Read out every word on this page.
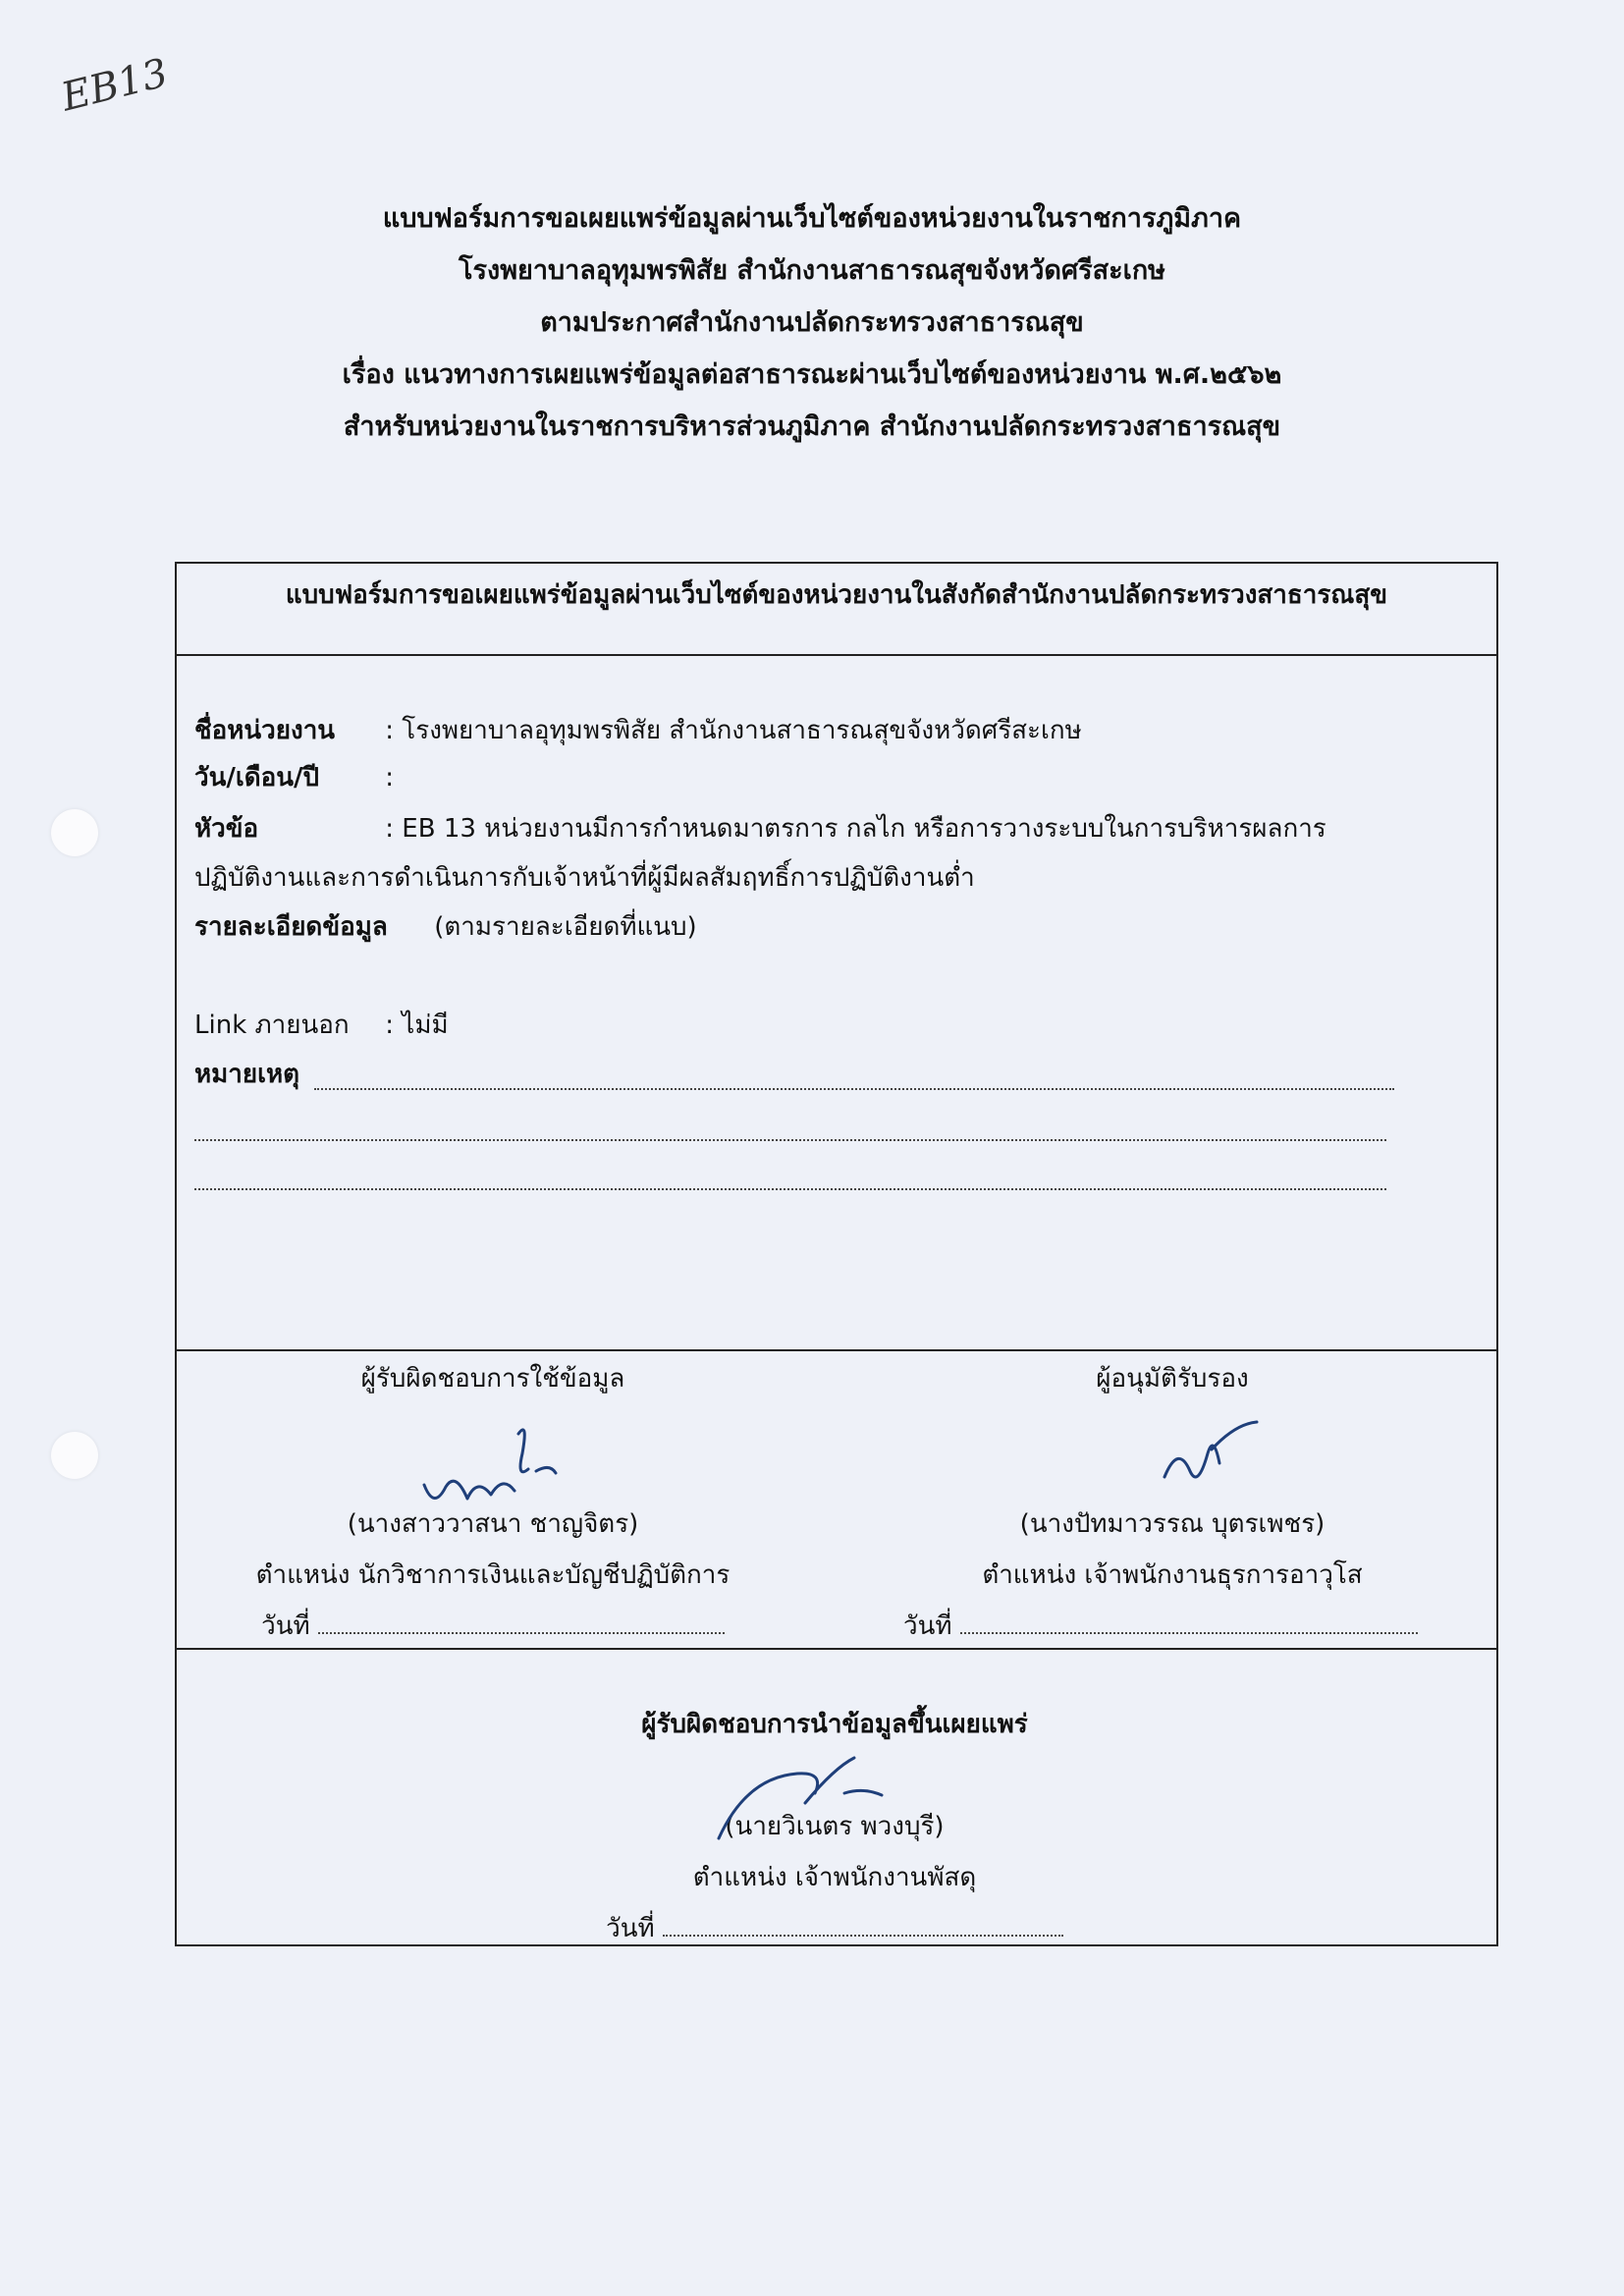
EB13
แบบฟอร์มการขอเผยแพร่ข้อมูลผ่านเว็บไซต์ของหน่วยงานในราชการภูมิภาค
โรงพยาบาลอุทุมพรพิสัย สำนักงานสาธารณสุขจังหวัดศรีสะเกษ
ตามประกาศสำนักงานปลัดกระทรวงสาธารณสุข
เรื่อง แนวทางการเผยแพร่ข้อมูลต่อสาธารณะผ่านเว็บไซต์ของหน่วยงาน พ.ศ.๒๕๖๒
สำหรับหน่วยงานในราชการบริหารส่วนภูมิภาค สำนักงานปลัดกระทรวงสาธารณสุข
แบบฟอร์มการขอเผยแพร่ข้อมูลผ่านเว็บไซต์ของหน่วยงานในสังกัดสำนักงานปลัดกระทรวงสาธารณสุข
ชื่อหน่วยงาน : โรงพยาบาลอุทุมพรพิสัย สำนักงานสาธารณสุขจังหวัดศรีสะเกษ
วัน/เดือน/ปี	:
หัวข้อ	: EB 13 หน่วยงานมีการกำหนดมาตรการ กลไก หรือการวางระบบในการบริหารผลการ
ปฏิบัติงานและการดำเนินการกับเจ้าหน้าที่ผู้มีผลสัมฤทธิ์การปฏิบัติงานต่ำ
รายละเอียดข้อมูล (ตามรายละเอียดที่แนบ)
Link ภายนอก : ไม่มี
หมายเหตุ
ผู้รับผิดชอบการใช้ข้อมูล
(นางสาววาสนา ชาญจิตร)
ตำแหน่ง นักวิชาการเงินและบัญชีปฏิบัติการ
วันที่
ผู้อนุมัติรับรอง
(นางปัทมาวรรณ บุตรเพชร)
ตำแหน่ง เจ้าพนักงานธุรการอาวุโส
วันที่
ผู้รับผิดชอบการนำข้อมูลขึ้นเผยแพร่
(นายวิเนตร พวงบุรี)
ตำแหน่ง เจ้าพนักงานพัสดุ
วันที่
